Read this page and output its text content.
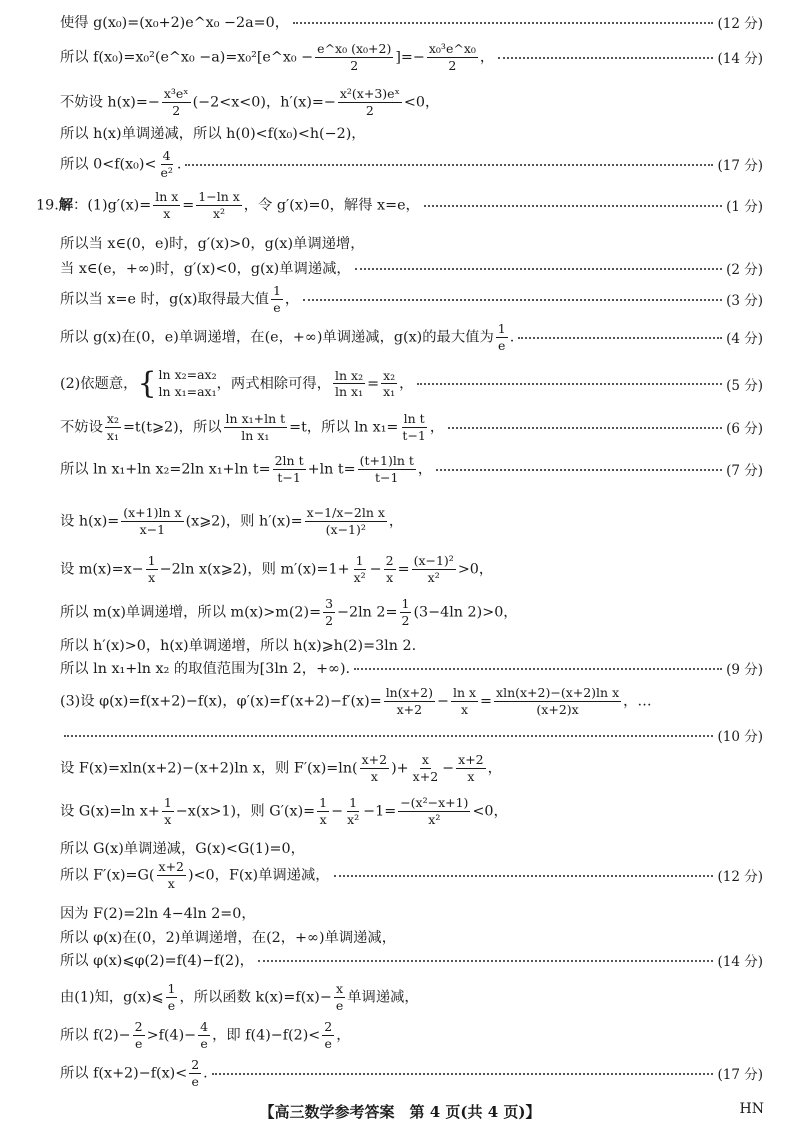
使得 g(x₀)=(x₀+2)e^x₀ −2a=0，	(12 分)
所以 f(x₀)=x₀²(e^x₀ −a)=x₀²[e^x₀ − $\frac{\text{e\textasciicircum{}x₀ (x₀+2)}}{2}$ ]=− $\frac{\text{x₀³e\textasciicircum{}x₀}}{2}$ ，	(14 分)
不妨设 $h(x)=- \frac{\text{x³eˣ}}{2} (-2<x<0)$，$h'(x)=- \frac{\text{x²(x+3)eˣ}}{2} <0$，
所以 h(x)单调递减，所以 h(0)<f(x₀)<h(−2)，
所以 $0<f(x_0)< \frac{4}{\text{e²}}$ .	(17 分)
19.解：$(1)g'(x)= \frac{\text{ln x}}{x} = \frac{\text{1−ln x}}{\text{x²}}$ ，令 g′(x)=0，解得 x=e，	(1 分)
所以当 x∈(0，e)时，g′(x)>0，g(x)单调递增，
当 x∈(e，+∞)时，g′(x)<0，g(x)单调递减，	(2 分)
所以当 x=e 时，g(x)取得最大值 $\frac{1}{e}$ ，	(3 分)
所以 g(x)在(0，e)单调递增，在(e，+∞)单调递减，g(x)的最大值为 $\frac{1}{e}$ .	(4 分)
(2)依题意， { ln x₂=ax₂
ln x₁=ax₁ ，两式相除可得， $\frac{\text{ln x₂}}{\text{ln x₁}} = \frac{\text{x₂}}{\text{x₁}}$ ，	(5 分)
不妨设 $\frac{\text{x₂}}{\text{x₁}}$ =t(t⩾2)，所以 $\frac{\text{ln x₁+ln t}}{\text{ln x₁}} =t$，所以 $\ln x_1= \frac{\text{ln t}}{t-1}$ ，	(6 分)
所以 ln x₁+ln x₂=2ln x₁+ln $t= \frac{\text{2ln t}}{t-1} +\ln$ $t= \frac{\text{(t+1)ln t}}{t-1}$ ，	(7 分)
设 $h(x)= \frac{\text{(x+1)ln x}}{x-1}$ (x⩾2)，则 $h'(x)= \frac{\text{x−1/x−2ln x}}{\text{(x−1)²}}$ ，
设 $m(x)=x- \frac{1}{x} -2\ln$ x(x⩾2)，则 $m'(x)=1+ \frac{1}{\text{x²}} - \frac{2}{x} = \frac{\text{(x−1)²}}{\text{x²}} >0$，
所以 m(x)单调递增，所以 $m(x)>m(2)= \frac{3}{2} -2\ln$ $2= \frac{1}{2} (3-4\ln$ 2)>0，
所以 h′(x)>0，h(x)单调递增，所以 h(x)⩾h(2)=3ln 2.
所以 ln x₁+ln x₂ 的取值范围为[3ln 2，+∞).	(9 分)
(3)设 φ(x)=f(x+2)−f(x)，$\varphi'(x)=f'(x+2)-f'(x)= \frac{\ln(x+2)}{x+2} - \frac{\text{ln x}}{x} = \frac{\text{xln(x+2)−(x+2)ln x}}{(x+2)x}$ ，…
(10 分)
设 F(x)=xln(x+2)−(x+2)ln x，则 $F'(x)=\ln( \frac{x+2}{x}$ )+ $\frac{x}{x+2} - \frac{x+2}{x}$ ，
设 G(x)=ln $x+ \frac{1}{x} -x(x>1)$，则 $G'(x)= \frac{1}{x} - \frac{1}{\text{x²}} -1= \frac{\text{−(x²−x+1)}}{\text{x²}} <0$，
所以 G(x)单调递减，G(x)<G(1)=0，
所以 $F'(x)=G( \frac{x+2}{x} )<0$，F(x)单调递减，	(12 分)
因为 F(2)=2ln 4−4ln 2=0，
所以 φ(x)在(0，2)单调递增，在(2，+∞)单调递减，
所以 φ(x)⩽φ(2)=f(4)−f(2)，	(14 分)
由(1)知，g(x)⩽ $\frac{1}{e}$ ，所以函数 $k(x)=f(x)- \frac{x}{e}$ 单调递减，
所以 $f(2)- \frac{2}{e} >f(4)- \frac{4}{e}$ ，即 $f(4)-f(2)< \frac{2}{e}$ ，
所以 $f(x+2)-f(x)< \frac{2}{e}$ .	(17 分)
【高三数学参考答案　第 4 页(共 4 页)】	HN
